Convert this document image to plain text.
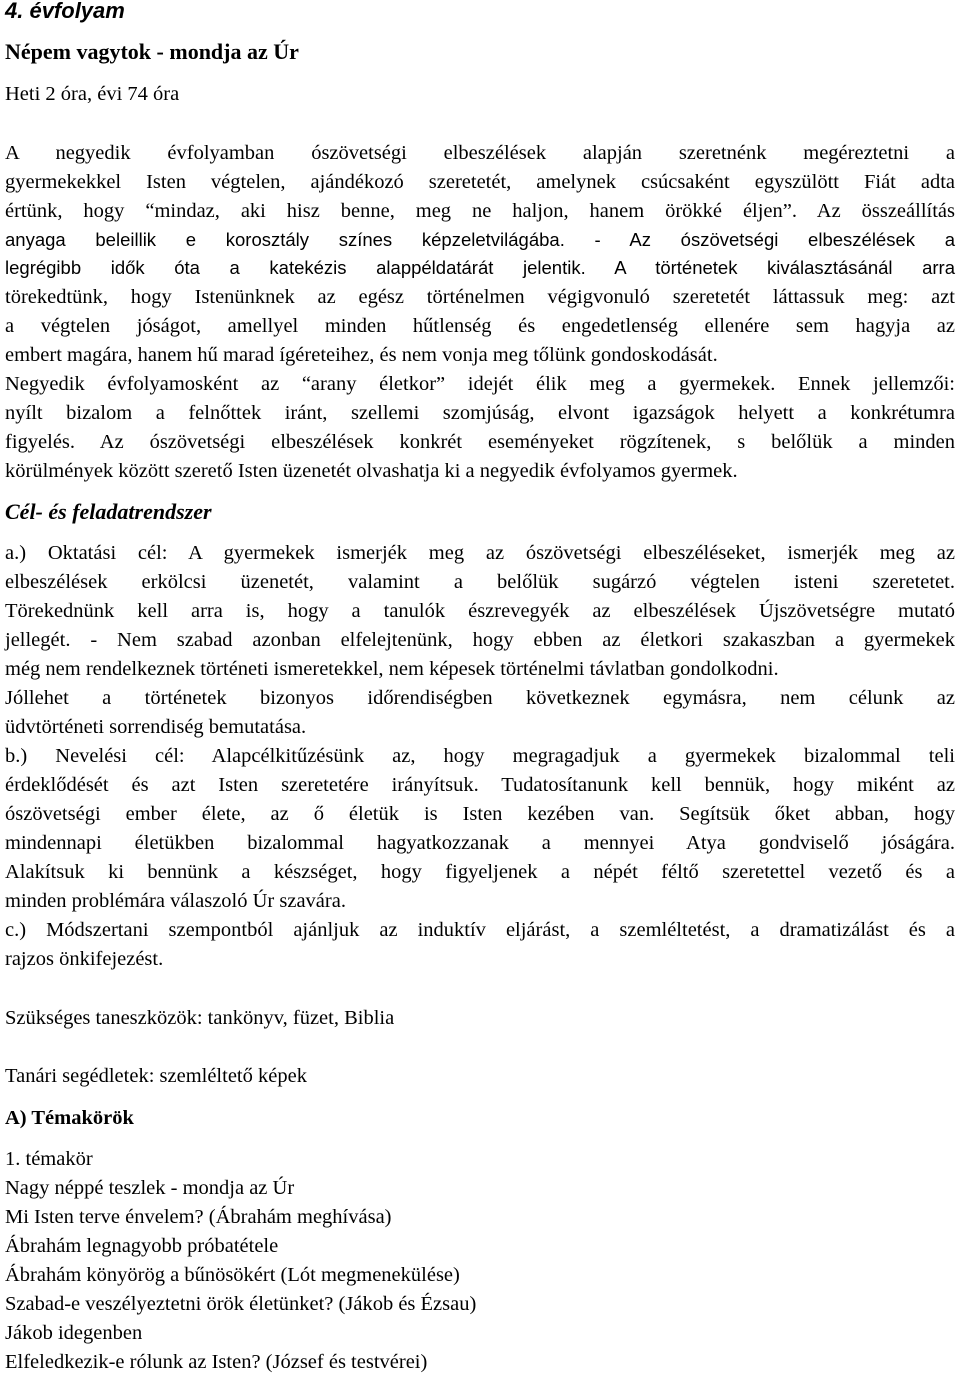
4. évfolyam
Népem vagytok - mondja az Úr
Heti 2 óra, évi 74 óra
A negyedik évfolyamban ószövetségi elbeszélések alapján szeretnénk megéreztetni a
gyermekekkel Isten végtelen, ajándékozó szeretetét, amelynek csúcsaként egyszülött Fiát adta
értünk, hogy “mindaz, aki hisz benne, meg ne haljon, hanem örökké éljen”. Az összeállítás
anyaga beleillik e korosztály színes képzeletvilágába. - Az ószövetségi elbeszélések a
legrégibb idők óta a katekézis alappéldatárát jelentik. A történetek kiválasztásánál arra
törekedtünk, hogy Istenünknek az egész történelmen végigvonuló szeretetét láttassuk meg: azt
a végtelen jóságot, amellyel minden hűtlenség és engedetlenség ellenére sem hagyja az
embert magára, hanem hű marad ígéreteihez, és nem vonja meg tőlünk gondoskodását.
Negyedik évfolyamosként az “arany életkor” idejét élik meg a gyermekek. Ennek jellemzői:
nyílt bizalom a felnőttek iránt, szellemi szomjúság, elvont igazságok helyett a konkrétumra
figyelés. Az ószövetségi elbeszélések konkrét eseményeket rögzítenek, s belőlük a minden
körülmények között szerető Isten üzenetét olvashatja ki a negyedik évfolyamos gyermek.
Cél- és feladatrendszer
a.) Oktatási cél: A gyermekek ismerjék meg az ószövetségi elbeszéléseket, ismerjék meg az
elbeszélések erkölcsi üzenetét, valamint a belőlük sugárzó végtelen isteni szeretetet.
Törekednünk kell arra is, hogy a tanulók észrevegyék az elbeszélések Újszövetségre mutató
jellegét. - Nem szabad azonban elfelejtenünk, hogy ebben az életkori szakaszban a gyermekek
még nem rendelkeznek történeti ismeretekkel, nem képesek történelmi távlatban gondolkodni.
Jóllehet a történetek bizonyos időrendiségben következnek egymásra, nem célunk az
üdvtörténeti sorrendiség bemutatása.
b.) Nevelési cél: Alapcélkitűzésünk az, hogy megragadjuk a gyermekek bizalommal teli
érdeklődését és azt Isten szeretetére irányítsuk. Tudatosítanunk kell bennük, hogy miként az
ószövetségi ember élete, az ő életük is Isten kezében van. Segítsük őket abban, hogy
mindennapi életükben bizalommal hagyatkozzanak a mennyei Atya gondviselő jóságára.
Alakítsuk ki bennünk a készséget, hogy figyeljenek a népét féltő szeretettel vezető és a
minden problémára válaszoló Úr szavára.
c.) Módszertani szempontból ajánljuk az induktív eljárást, a szemléltetést, a dramatizálást és a
rajzos önkifejezést.
Szükséges taneszközök: tankönyv, füzet, Biblia
Tanári segédletek: szemléltető képek
A) Témakörök
1. témakör
Nagy néppé teszlek - mondja az Úr
Mi Isten terve énvelem? (Ábrahám meghívása)
Ábrahám legnagyobb próbatétele
Ábrahám könyörög a bűnösökért (Lót megmenekülése)
Szabad-e veszélyeztetni örök életünket? (Jákob és Ézsau)
Jákob idegenben
Elfeledkezik-e rólunk az Isten? (József és testvérei)
